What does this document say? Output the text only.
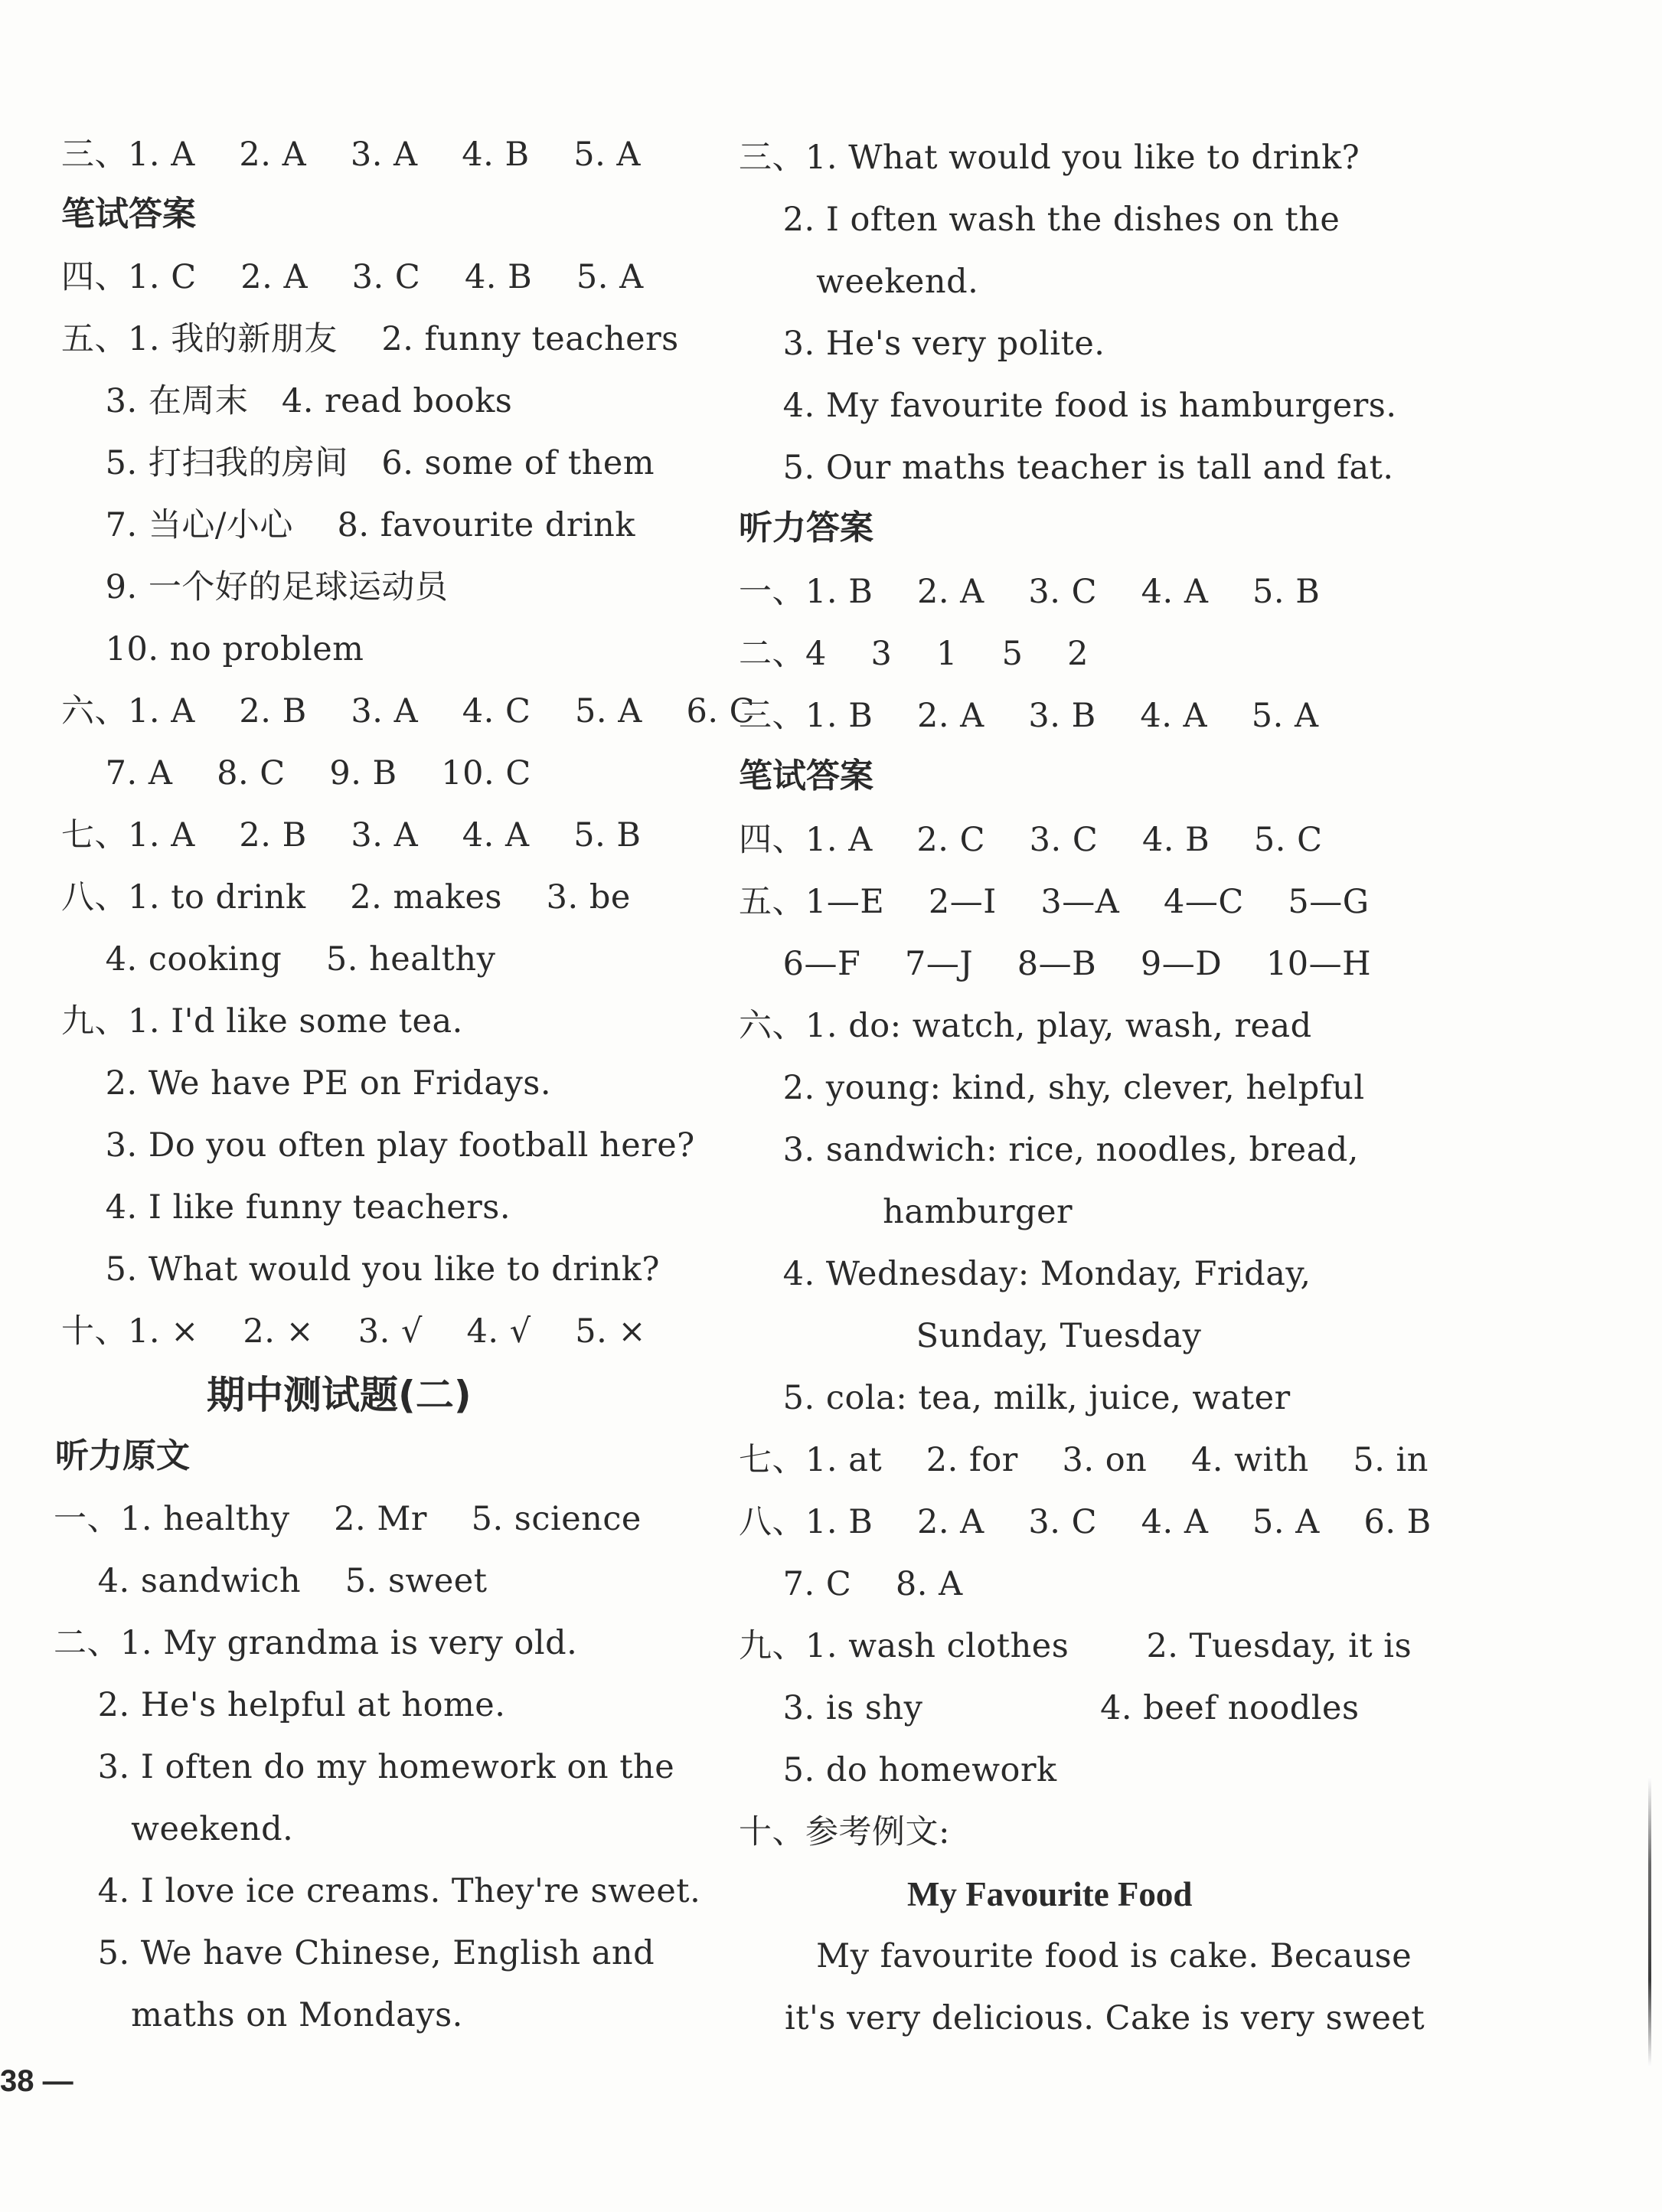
三、1. A　 2. A　 3. A　 4. B　 5. A
笔试答案
四、1. C　 2. A　 3. C　 4. B　 5. A
五、1. 我的新朋友　 2. funny teachers
　 3. 在周末　4. read books
　 5. 打扫我的房间　6. some of them
　 7. 当心/小心　 8. favourite drink
　 9. 一个好的足球运动员
　 10. no problem
六、1. A　 2. B　 3. A　 4. C　 5. A　 6. C
　 7. A　 8. C　 9. B　 10. C
七、1. A　 2. B　 3. A　 4. A　 5. B
八、1. to drink　 2. makes　 3. be
　 4. cooking　 5. healthy
九、1. I'd like some tea.
　 2. We have PE on Fridays.
　 3. Do you often play football here?
　 4. I like funny teachers.
　 5. What would you like to drink?
十、1. ×　 2. ×　 3. √　 4. √　 5. ×
期中测试题(二)
听力原文
一、1. healthy　 2. Mr　 5. science
　 4. sandwich　 5. sweet
二、1. My grandma is very old.
　 2. He's helpful at home.
　 3. I often do my homework on the
　　 weekend.
　 4. I love ice creams. They're sweet.
　 5. We have Chinese, English and
　　 maths on Mondays.
三、1. What would you like to drink?
　 2. I often wash the dishes on the
　　 weekend.
　 3. He's very polite.
　 4. My favourite food is hamburgers.
　 5. Our maths teacher is tall and fat.
听力答案
一、1. B　 2. A　 3. C　 4. A　 5. B
二、4　 3　 1　 5　 2
三、1. B　 2. A　 3. B　 4. A　 5. A
笔试答案
四、1. A　 2. C　 3. C　 4. B　 5. C
五、1—E　 2—I　 3—A　 4—C　 5—G
　 6—F　 7—J　 8—B　 9—D　 10—H
六、1. do: watch, play, wash, read
　 2. young: kind, shy, clever, helpful
　 3. sandwich: rice, noodles, bread,
　　　　 hamburger
　 4. Wednesday: Monday, Friday,
　　　　　 Sunday, Tuesday
　 5. cola: tea, milk, juice, water
七、1. at　 2. for　 3. on　 4. with　 5. in
八、1. B　 2. A　 3. C　 4. A　 5. A　 6. B
　 7. C　 8. A
九、1. wash clothes　　 2. Tuesday, it is
　 3. is shy　　　　　 4. beef noodles
　 5. do homework
十、参考例文:
My Favourite Food
　　 My favourite food is cake. Because
it's very delicious. Cake is very sweet
38 —
